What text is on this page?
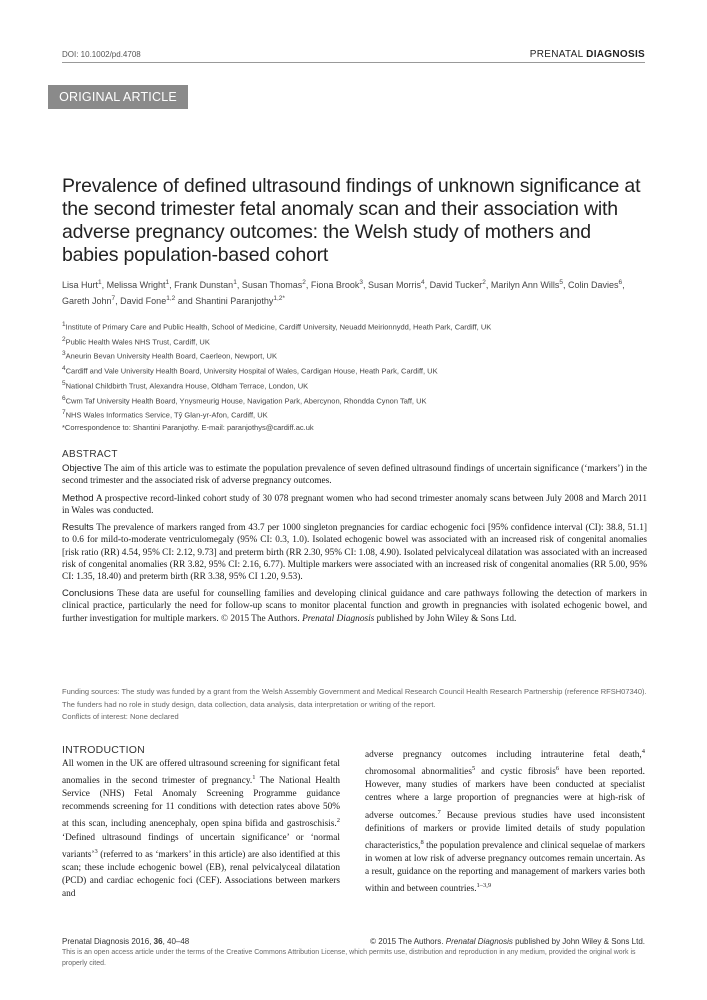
DOI: 10.1002/pd.4708	PRENATAL DIAGNOSIS
ORIGINAL ARTICLE
Prevalence of defined ultrasound findings of unknown significance at the second trimester fetal anomaly scan and their association with adverse pregnancy outcomes: the Welsh study of mothers and babies population-based cohort
Lisa Hurt$^1$, Melissa Wright$^1$, Frank Dunstan$^1$, Susan Thomas$^2$, Fiona Brook$^3$, Susan Morris$^4$, David Tucker$^2$, Marilyn Ann Wills$^5$, Colin Davies$^6$, Gareth John$^7$, David Fone$^{1,2}$ and Shantini Paranjothy$^{1,2*}$
$^1$Institute of Primary Care and Public Health, School of Medicine, Cardiff University, Neuadd Meirionnydd, Heath Park, Cardiff, UK
$^2$Public Health Wales NHS Trust, Cardiff, UK
$^3$Aneurin Bevan University Health Board, Caerleon, Newport, UK
$^4$Cardiff and Vale University Health Board, University Hospital of Wales, Cardigan House, Heath Park, Cardiff, UK
$^5$National Childbirth Trust, Alexandra House, Oldham Terrace, London, UK
$^6$Cwm Taf University Health Board, Ynysmeurig House, Navigation Park, Abercynon, Rhondda Cynon Taff, UK
$^7$NHS Wales Informatics Service, Tŷ Glan-yr-Afon, Cardiff, UK
*Correspondence to: Shantini Paranjothy. E-mail: paranjothys@cardiff.ac.uk
ABSTRACT

Objective The aim of this article was to estimate the population prevalence of seven defined ultrasound findings of uncertain significance (‘markers’) in the second trimester and the associated risk of adverse pregnancy outcomes.

Method A prospective record-linked cohort study of 30 078 pregnant women who had second trimester anomaly scans between July 2008 and March 2011 in Wales was conducted.

Results The prevalence of markers ranged from 43.7 per 1000 singleton pregnancies for cardiac echogenic foci [95% confidence interval (CI): 38.8, 51.1] to 0.6 for mild-to-moderate ventriculomegaly (95% CI: 0.3, 1.0). Isolated echogenic bowel was associated with an increased risk of congenital anomalies [risk ratio (RR) 4.54, 95% CI: 2.12, 9.73] and preterm birth (RR 2.30, 95% CI: 1.08, 4.90). Isolated pelvicalyceal dilatation was associated with an increased risk of congenital anomalies (RR 3.82, 95% CI: 2.16, 6.77). Multiple markers were associated with an increased risk of congenital anomalies (RR 5.00, 95% CI: 1.35, 18.40) and preterm birth (RR 3.38, 95% CI 1.20, 9.53).

Conclusions These data are useful for counselling families and developing clinical guidance and care pathways following the detection of markers in clinical practice, particularly the need for follow-up scans to monitor placental function and growth in pregnancies with isolated echogenic bowel, and further investigation for multiple markers. © 2015 The Authors. Prenatal Diagnosis published by John Wiley & Sons Ltd.

Funding sources: The study was funded by a grant from the Welsh Assembly Government and Medical Research Council Health Research Partnership (reference RFSH07340). The funders had no role in study design, data collection, data analysis, data interpretation or writing of the report.
Conflicts of interest: None declared
INTRODUCTION

All women in the UK are offered ultrasound screening for significant fetal anomalies in the second trimester of pregnancy.$^1$ The National Health Service (NHS) Fetal Anomaly Screening Programme guidance recommends screening for 11 conditions with detection rates above 50% at this scan, including anencephaly, open spina bifida and gastroschisis.$^2$ ‘Defined ultrasound findings of uncertain significance’ or ‘normal variants’$^3$ (referred to as ‘markers’ in this article) are also identified at this scan; these include echogenic bowel (EB), renal pelvicalyceal dilatation (PCD) and cardiac echogenic foci (CEF). Associations between markers and

adverse pregnancy outcomes including intrauterine fetal death,$^4$ chromosomal abnormalities$^5$ and cystic fibrosis$^6$ have been reported. However, many studies of markers have been conducted at specialist centres where a large proportion of pregnancies were at high-risk of adverse outcomes.$^7$ Because previous studies have used inconsistent definitions of markers or provide limited details of study population characteristics,$^8$ the population prevalence and clinical sequelae of markers in women at low risk of adverse pregnancy outcomes remain uncertain. As a result, guidance on the reporting and management of markers varies both within and between countries.$^{1-3,9}$

Prenatal Diagnosis 2016, 36, 40–48	© 2015 The Authors. Prenatal Diagnosis published by John Wiley & Sons Ltd.
This is an open access article under the terms of the Creative Commons Attribution License, which permits use, distribution and reproduction in any medium, provided the original work is properly cited.
